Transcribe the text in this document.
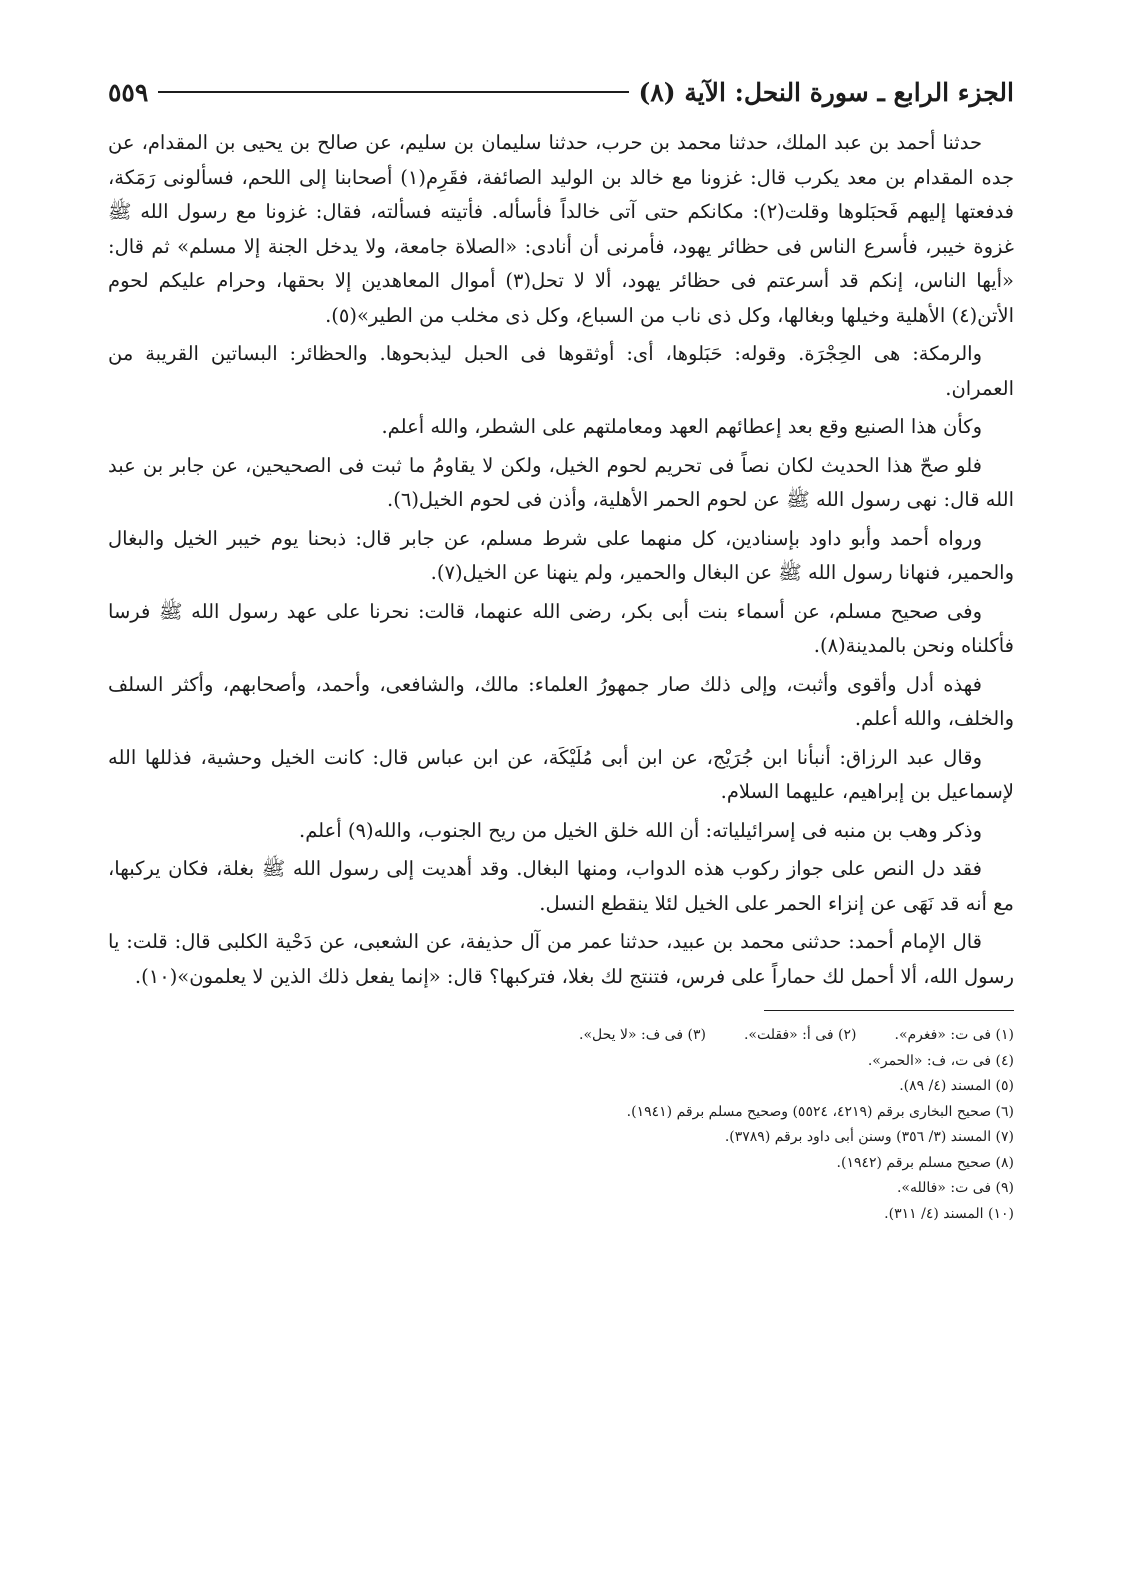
الجزء الرابع ـ سورة النحل: الآية (٨)
٥٥٩

حدثنا أحمد بن عبد الملك، حدثنا محمد بن حرب، حدثنا سليمان بن سليم، عن صالح بن يحيى بن المقدام، عن جده المقدام بن معد يكرب قال: غزونا مع خالد بن الوليد الصائفة، فقَرِم(١) أصحابنا إلى اللحم، فسألونى رَمَكة، فدفعتها إليهم فَحبَلوها وقلت(٢): مكانكم حتى آتى خالداً فأسأله. فأتيته فسألته، فقال: غزونا مع رسول الله ﷺ غزوة خيبر، فأسرع الناس فى حظائر يهود، فأمرنى أن أنادى: «الصلاة جامعة، ولا يدخل الجنة إلا مسلم» ثم قال: «أيها الناس، إنكم قد أسرعتم فى حظائر يهود، ألا لا تحل(٣) أموال المعاهدين إلا بحقها، وحرام عليكم لحوم الأتن(٤) الأهلية وخيلها وبغالها، وكل ذى ناب من السباع، وكل ذى مخلب من الطير»(٥).

والرمكة: هى الحِجْرَة. وقوله: حَبَلوها، أى: أوثقوها فى الحبل ليذبحوها. والحظائر: البساتين القريبة من العمران.

وكأن هذا الصنيع وقع بعد إعطائهم العهد ومعاملتهم على الشطر، والله أعلم.

فلو صحّ هذا الحديث لكان نصاً فى تحريم لحوم الخيل، ولكن لا يقاومُ ما ثبت فى الصحيحين، عن جابر بن عبد الله قال: نهى رسول الله ﷺ عن لحوم الحمر الأهلية، وأذن فى لحوم الخيل(٦).

ورواه أحمد وأبو داود بإسنادين، كل منهما على شرط مسلم، عن جابر قال: ذبحنا يوم خيبر الخيل والبغال والحمير، فنهانا رسول الله ﷺ عن البغال والحمير، ولم ينهنا عن الخيل(٧).

وفى صحيح مسلم، عن أسماء بنت أبى بكر، رضى الله عنهما، قالت: نحرنا على عهد رسول الله ﷺ فرسا فأكلناه ونحن بالمدينة(٨).

فهذه أدل وأقوى وأثبت، وإلى ذلك صار جمهورُ العلماء: مالك، والشافعى، وأحمد، وأصحابهم، وأكثر السلف والخلف، والله أعلم.

وقال عبد الرزاق: أنبأنا ابن جُرَيْج، عن ابن أبى مُلَيْكَة، عن ابن عباس قال: كانت الخيل وحشية، فذللها الله لإسماعيل بن إبراهيم، عليهما السلام.

وذكر وهب بن منبه فى إسرائيلياته: أن الله خلق الخيل من ريح الجنوب، والله(٩) أعلم.

فقد دل النص على جواز ركوب هذه الدواب، ومنها البغال. وقد أهديت إلى رسول الله ﷺ بغلة، فكان يركبها، مع أنه قد نَهَى عن إنزاء الحمر على الخيل لئلا ينقطع النسل.

قال الإمام أحمد: حدثنى محمد بن عبيد، حدثنا عمر من آل حذيفة، عن الشعبى، عن دَحْية الكلبى قال: قلت: يا رسول الله، ألا أحمل لك حماراً على فرس، فتنتج لك بغلا، فتركبها؟ قال: «إنما يفعل ذلك الذين لا يعلمون»(١٠).

(١) فى ت: «فغرم».
(٢) فى أ: «فقلت».
(٣) فى ف: «لا يحل».
(٤) فى ت، ف: «الحمر».
(٥) المسند (٤/ ٨٩).
(٦) صحيح البخارى برقم (٤٢١٩، ٥٥٢٤) وصحيح مسلم برقم (١٩٤١).
(٧) المسند (٣/ ٣٥٦) وسنن أبى داود برقم (٣٧٨٩).
(٨) صحيح مسلم برقم (١٩٤٢).
(٩) فى ت: «فالله».
(١٠) المسند (٤/ ٣١١).
